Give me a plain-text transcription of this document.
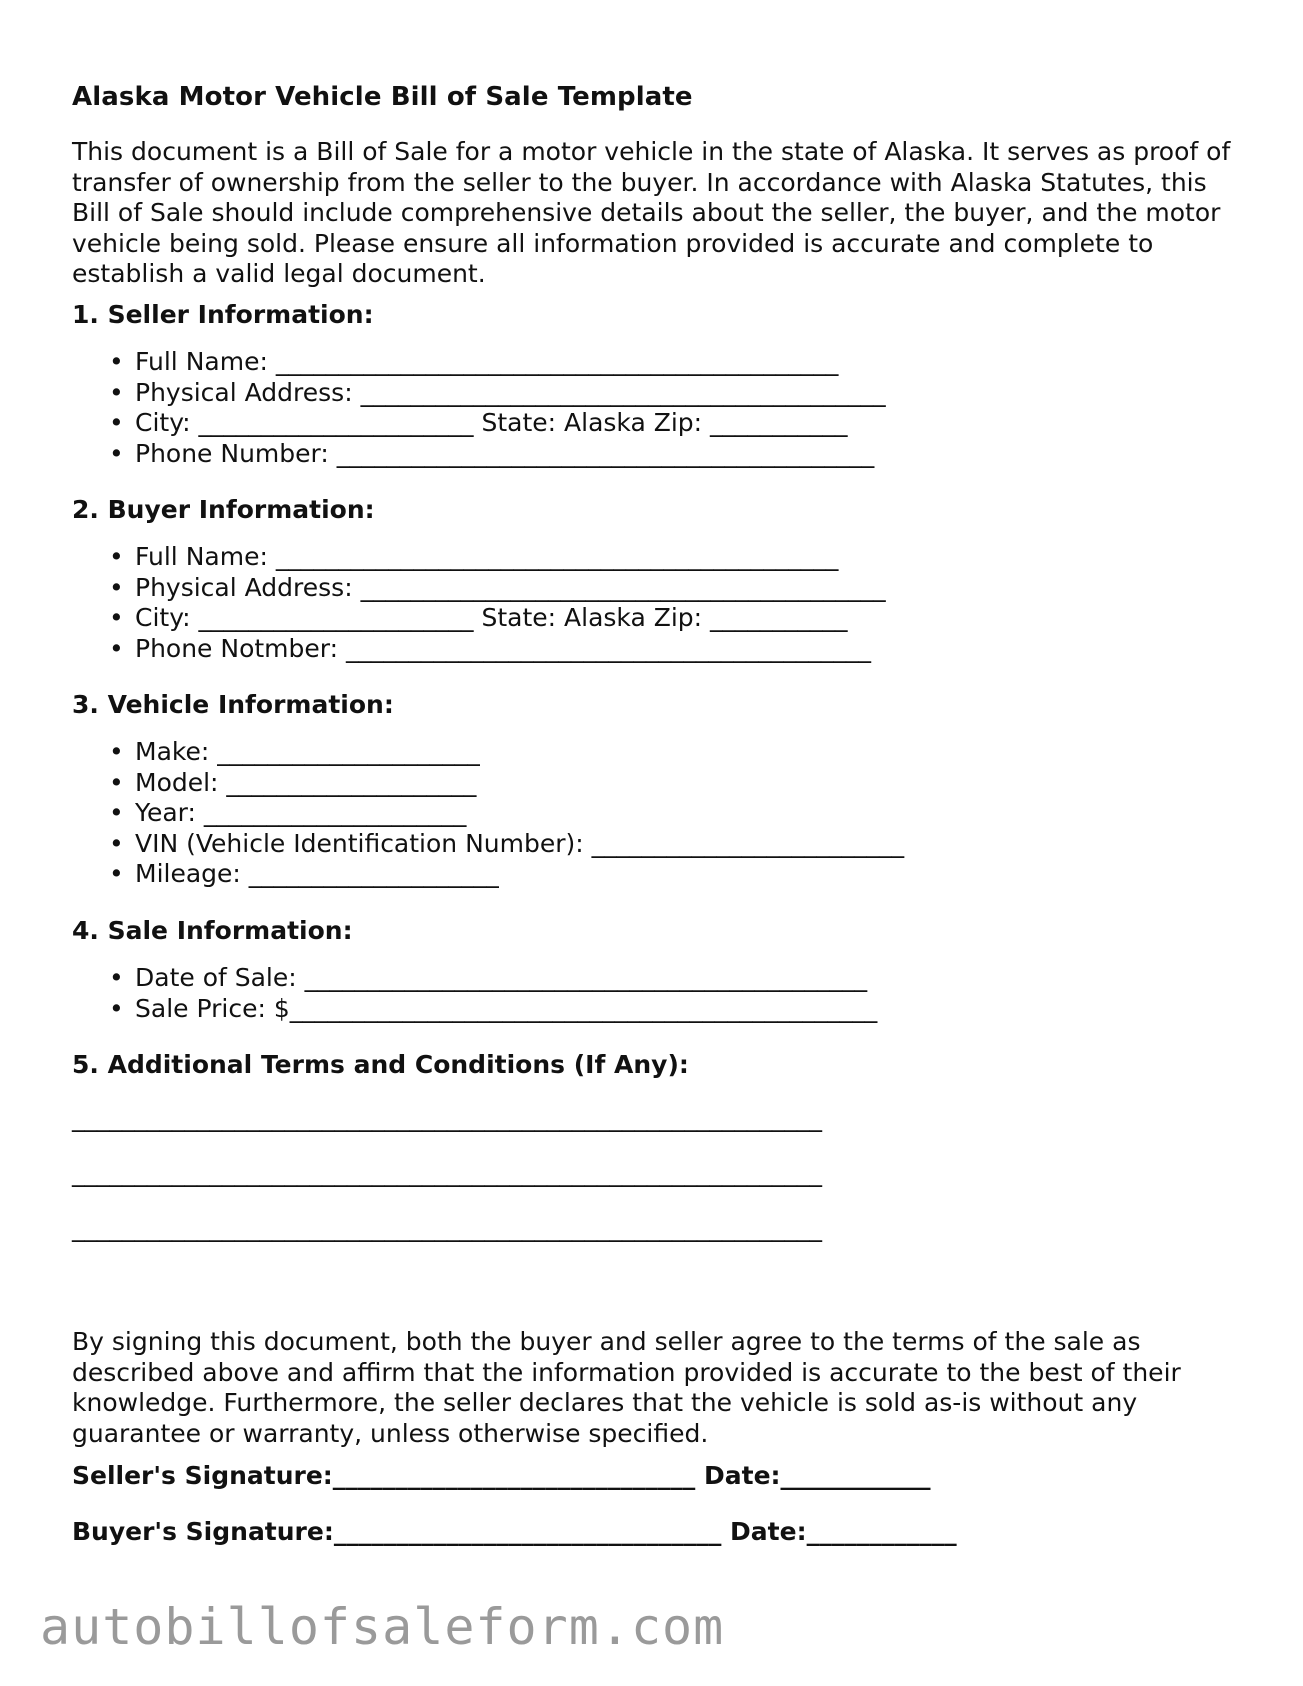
Alaska Motor Vehicle Bill of Sale Template

This document is a Bill of Sale for a motor vehicle in the state of Alaska. It serves as proof of transfer of ownership from the seller to the buyer. In accordance with Alaska Statutes, this Bill of Sale should include comprehensive details about the seller, the buyer, and the motor vehicle being sold. Please ensure all information provided is accurate and complete to establish a valid legal document.

1. Seller Information:
• Full Name: _____________________________________________
• Physical Address: __________________________________________
• City: ______________________ State: Alaska Zip: ___________
• Phone Number: ___________________________________________
2. Buyer Information:
• Full Name: _____________________________________________
• Physical Address: __________________________________________
• City: ______________________ State: Alaska Zip: ___________
• Phone Notmber: __________________________________________
3. Vehicle Information:
• Make: _____________________
• Model: ____________________
• Year: _____________________
• VIN (Vehicle Identification Number): _________________________
• Mileage: ____________________
4. Sale Information:
• Date of Sale: _____________________________________________
• Sale Price: $_______________________________________________
5. Additional Terms and Conditions (If Any):
____________________________________________________________
____________________________________________________________
____________________________________________________________

By signing this document, both the buyer and seller agree to the terms of the sale as described above and affirm that the information provided is accurate to the best of their knowledge. Furthermore, the seller declares that the vehicle is sold as-is without any guarantee or warranty, unless otherwise specified.

Seller's Signature:_____________________________ Date:____________
Buyer's Signature:_______________________________ Date:____________
autobillofsaleform.com
